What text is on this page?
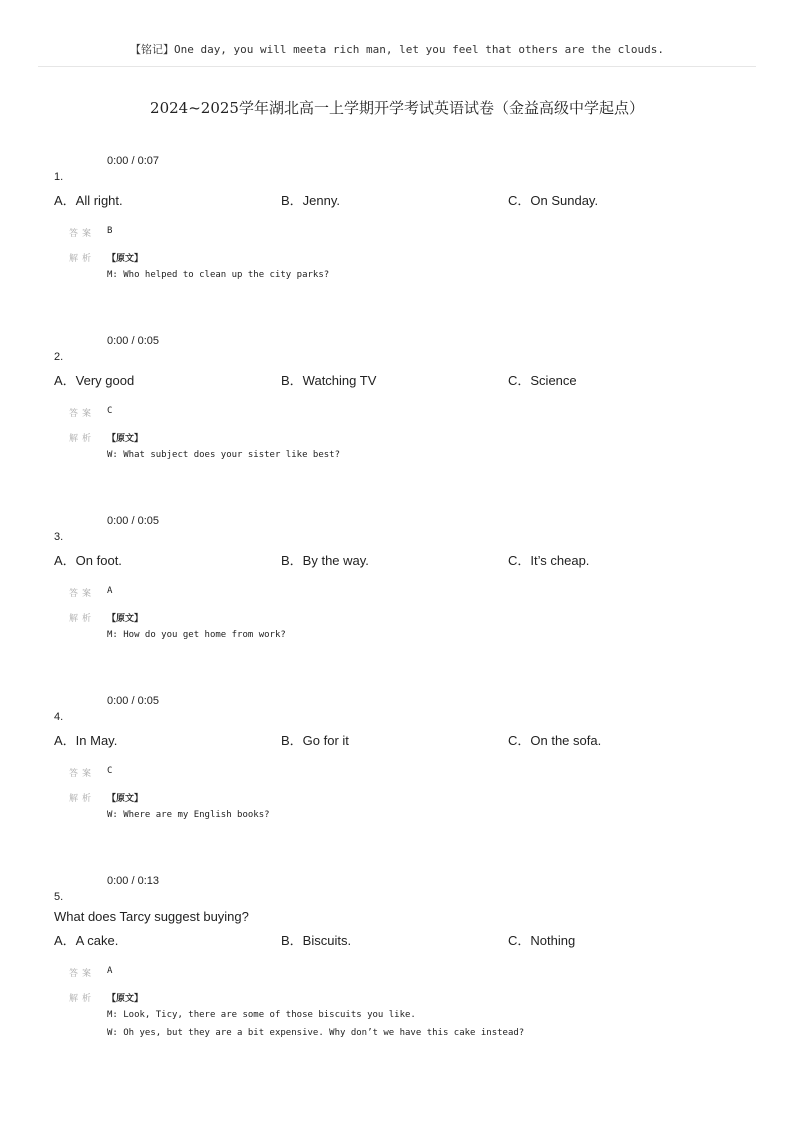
【铭记】One day, you will meeta rich man, let you feel that others are the clouds.
2024~2025学年湖北高一上学期开学考试英语试卷（金益高级中学起点）
0:00 / 0:07
1.
A．All right.	B．Jenny.	C．On Sunday.
答案 B
解析 【原文】
M: Who helped to clean up the city parks?
0:00 / 0:05
2.
A．Very good	B．Watching TV	C．Science
答案 C
解析 【原文】
W: What subject does your sister like best?
0:00 / 0:05
3.
A．On foot.	B．By the way.	C．It’s cheap.
答案 A
解析 【原文】
M: How do you get home from work?
0:00 / 0:05
4.
A．In May.	B．Go for it	C．On the sofa.
答案 C
解析 【原文】
W: Where are my English books?
0:00 / 0:13
5.
What does Tarcy suggest buying?
A．A cake.	B．Biscuits.	C．Nothing
答案 A
解析 【原文】
M: Look, Ticy, there are some of those biscuits you like.
W: Oh yes, but they are a bit expensive. Why don’t we have this cake instead?
